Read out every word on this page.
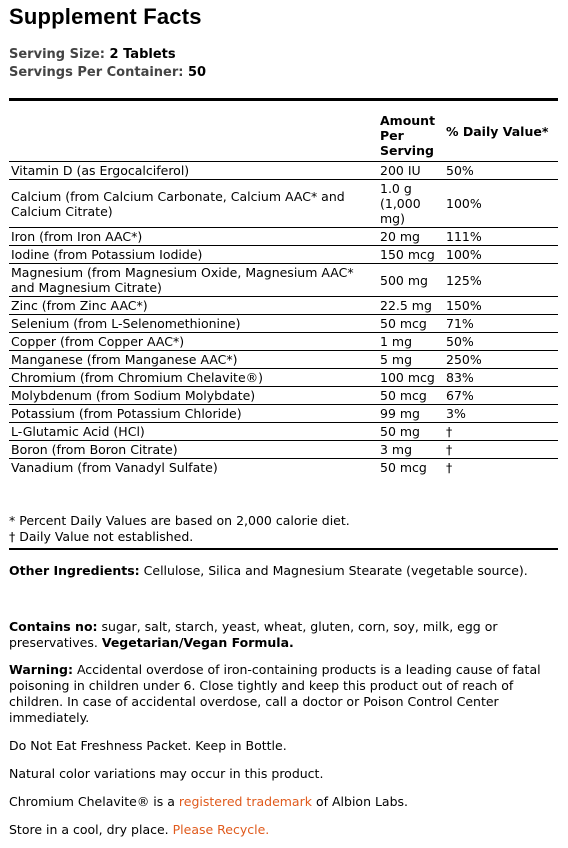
Supplement Facts
Serving Size: 2 Tablets
Servings Per Container: 50
	Amount Per Serving	% Daily Value*
Vitamin D (as Ergocalciferol)	200 IU	50%
Calcium (from Calcium Carbonate, Calcium AAC* and Calcium Citrate)	1.0 g (1,000 mg)	100%
Iron (from Iron AAC*)	20 mg	111%
Iodine (from Potassium Iodide)	150 mcg	100%
Magnesium (from Magnesium Oxide, Magnesium AAC* and Magnesium Citrate)	500 mg	125%
Zinc (from Zinc AAC*)	22.5 mg	150%
Selenium (from L-Selenomethionine)	50 mcg	71%
Copper (from Copper AAC*)	1 mg	50%
Manganese (from Manganese AAC*)	5 mg	250%
Chromium (from Chromium Chelavite®)	100 mcg	83%
Molybdenum (from Sodium Molybdate)	50 mcg	67%
Potassium (from Potassium Chloride)	99 mg	3%
L-Glutamic Acid (HCl)	50 mg	†
Boron (from Boron Citrate)	3 mg	†
Vanadium (from Vanadyl Sulfate)	50 mcg	†
* Percent Daily Values are based on 2,000 calorie diet.
† Daily Value not established.
Other Ingredients: Cellulose, Silica and Magnesium Stearate (vegetable source).
Contains no: sugar, salt, starch, yeast, wheat, gluten, corn, soy, milk, egg or preservatives. Vegetarian/Vegan Formula.
Warning: Accidental overdose of iron-containing products is a leading cause of fatal poisoning in children under 6. Close tightly and keep this product out of reach of children. In case of accidental overdose, call a doctor or Poison Control Center immediately.
Do Not Eat Freshness Packet. Keep in Bottle.
Natural color variations may occur in this product.
Chromium Chelavite® is a registered trademark of Albion Labs.
Store in a cool, dry place. Please Recycle.
